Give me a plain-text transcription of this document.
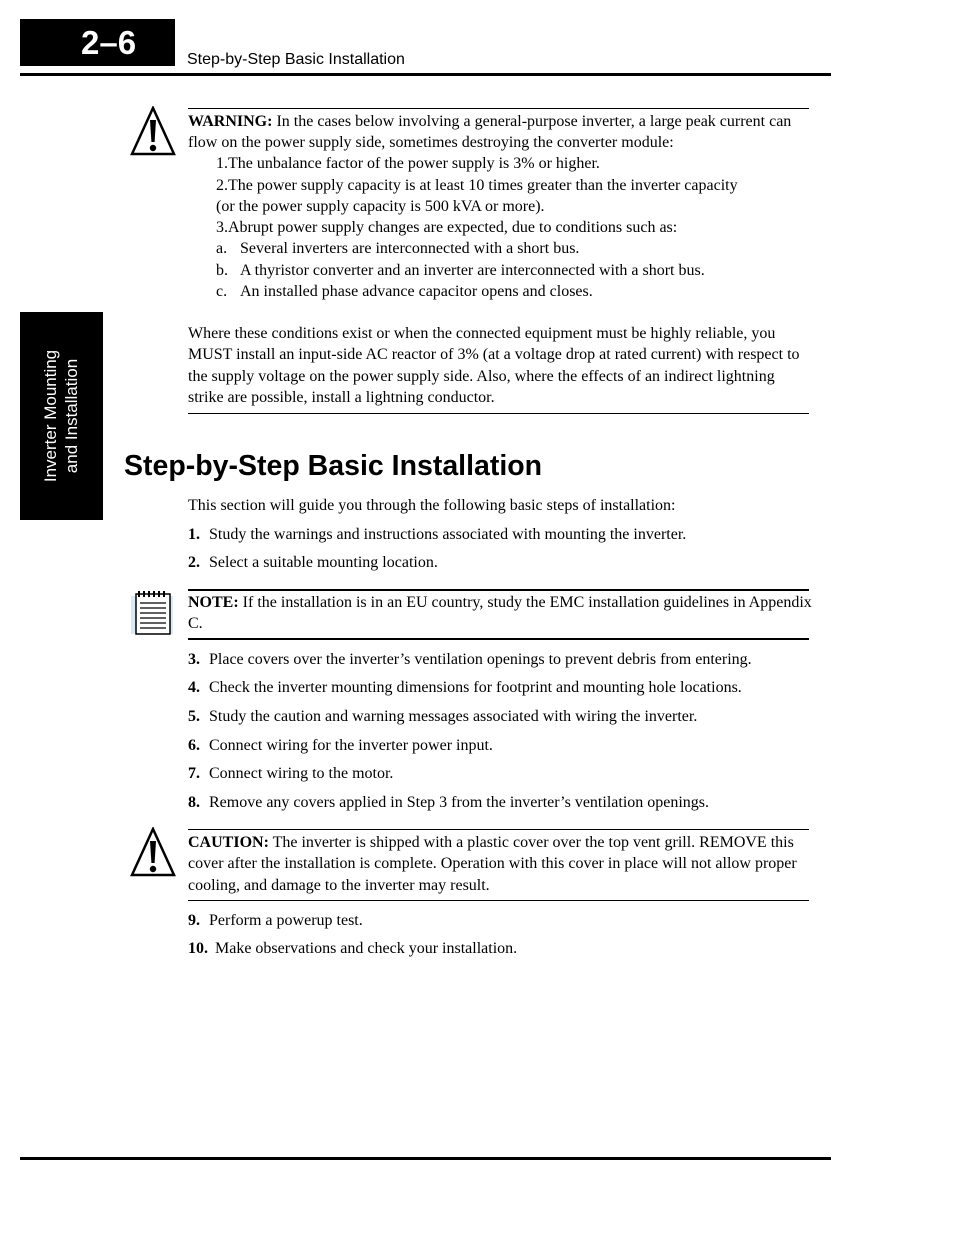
2–6	Step-by-Step Basic Installation
Inverter Mounting and Installation
WARNING: In the cases below involving a general-purpose inverter, a large peak current can flow on the power supply side, sometimes destroying the converter module:
1.The unbalance factor of the power supply is 3% or higher.
2.The power supply capacity is at least 10 times greater than the inverter capacity
(or the power supply capacity is 500 kVA or more).
3.Abrupt power supply changes are expected, due to conditions such as:
a. Several inverters are interconnected with a short bus.
b. A thyristor converter and an inverter are interconnected with a short bus.
c. An installed phase advance capacitor opens and closes.
Where these conditions exist or when the connected equipment must be highly reliable, you MUST install an input-side AC reactor of 3% (at a voltage drop at rated current) with respect to the supply voltage on the power supply side. Also, where the effects of an indirect lightning strike are possible, install a lightning conductor.
Step-by-Step Basic Installation
This section will guide you through the following basic steps of installation:
1. Study the warnings and instructions associated with mounting the inverter.
2. Select a suitable mounting location.
NOTE: If the installation is in an EU country, study the EMC installation guidelines in Appendix C.
3. Place covers over the inverter’s ventilation openings to prevent debris from entering.
4. Check the inverter mounting dimensions for footprint and mounting hole locations.
5. Study the caution and warning messages associated with wiring the inverter.
6. Connect wiring for the inverter power input.
7. Connect wiring to the motor.
8. Remove any covers applied in Step 3 from the inverter’s ventilation openings.
CAUTION: The inverter is shipped with a plastic cover over the top vent grill. REMOVE this cover after the installation is complete. Operation with this cover in place will not allow proper cooling, and damage to the inverter may result.
9. Perform a powerup test.
10. Make observations and check your installation.
